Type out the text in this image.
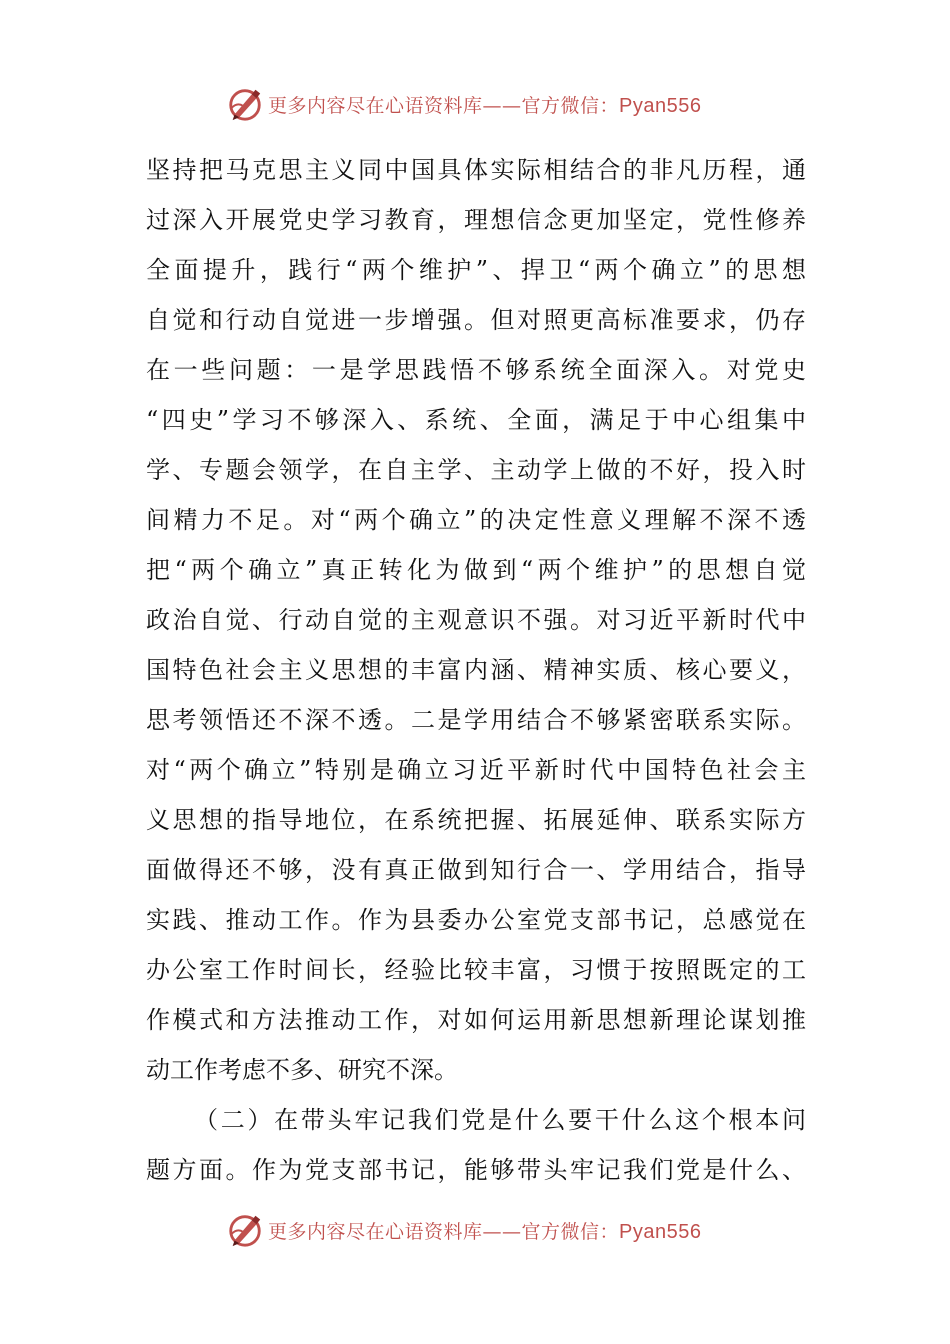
更多内容尽在心语资料库——官方微信：Pyan556
坚持把马克思主义同中国具体实际相结合的非凡历程，通
过深入开展党史学习教育，理想信念更加坚定，党性修养
全面提升，践行“两个维护”、捍卫“两个确立”的思想
自觉和行动自觉进一步增强。但对照更高标准要求，仍存
在一些问题：一是学思践悟不够系统全面深入。对党史
“四史”学习不够深入、系统、全面，满足于中心组集中
学、专题会领学，在自主学、主动学上做的不好，投入时
间精力不足。对“两个确立”的决定性意义理解不深不透
把“两个确立”真正转化为做到“两个维护”的思想自觉
政治自觉、行动自觉的主观意识不强。对习近平新时代中
国特色社会主义思想的丰富内涵、精神实质、核心要义，
思考领悟还不深不透。二是学用结合不够紧密联系实际。
对“两个确立”特别是确立习近平新时代中国特色社会主
义思想的指导地位，在系统把握、拓展延伸、联系实际方
面做得还不够，没有真正做到知行合一、学用结合，指导
实践、推动工作。作为县委办公室党支部书记，总感觉在
办公室工作时间长，经验比较丰富，习惯于按照既定的工
作模式和方法推动工作，对如何运用新思想新理论谋划推
动工作考虑不多、研究不深。
（二）在带头牢记我们党是什么要干什么这个根本问
题方面。作为党支部书记，能够带头牢记我们党是什么、
更多内容尽在心语资料库——官方微信：Pyan556
